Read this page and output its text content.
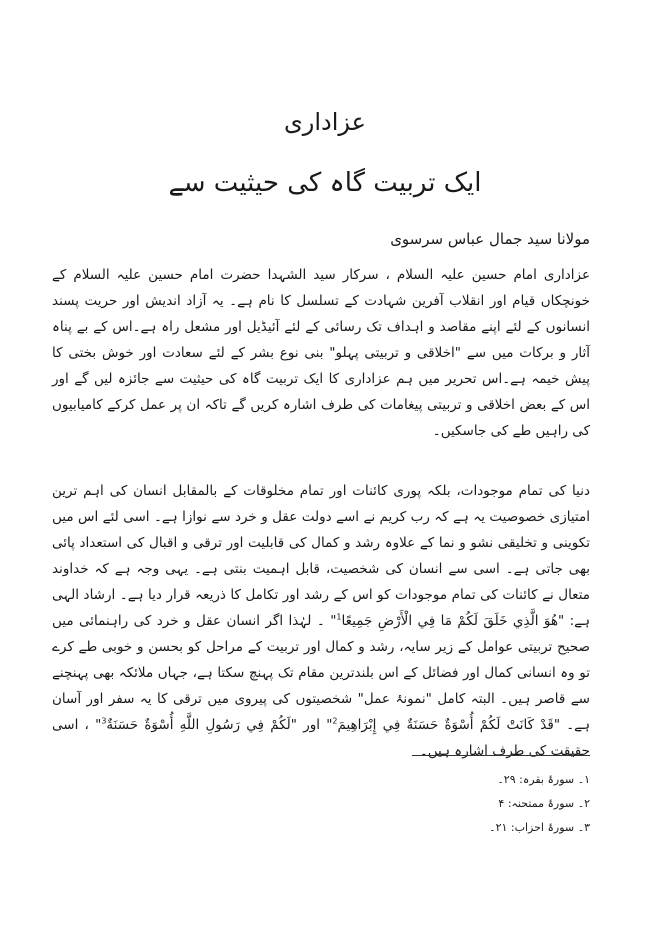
عزاداری
ایک تربیت گاہ کی حیثیت سے

مولانا سید جمال عباس سرسوی

عزاداری امام حسین علیہ السلام ، سرکار سید الشہدا حضرت امام حسین علیہ السلام کے خونچکاں قیام اور انقلاب آفرین شہادت کے تسلسل کا نام ہے۔ یہ آزاد اندیش اور حریت پسند انسانوں کے لئے اپنے مقاصد و اہداف تک رسائی کے لئے آئیڈیل اور مشعل راہ ہے۔اس کے بے پناہ آثار و برکات میں سے "اخلاقی و تربیتی پہلو" بنی نوع بشر کے لئے سعادت اور خوش بختی کا پیش خیمہ ہے۔اس تحریر میں ہم عزاداری کا ایک تربیت گاہ کی حیثیت سے جائزہ لیں گے اور اس کے بعض اخلاقی و تربیتی پیغامات کی طرف اشارہ کریں گے تاکہ ان پر عمل کرکے کامیابیوں کی راہیں طے کی جاسکیں۔

دنیا کی تمام موجودات، بلکہ پوری کائنات اور تمام مخلوقات کے بالمقابل انسان کی اہم ترین امتیازی خصوصیت یہ ہے کہ رب کریم نے اسے دولت عقل و خرد سے نوازا ہے۔ اسی لئے اس میں تکوینی و تخلیقی نشو و نما کے علاوہ رشد و کمال کی قابلیت اور ترقی و اقبال کی استعداد پائی بھی جاتی ہے۔ اسی سے انسان کی شخصیت، قابل اہمیت بنتی ہے۔ یہی وجہ ہے کہ خداوند متعال نے کائنات کی تمام موجودات کو اس کے رشد اور تکامل کا ذریعہ قرار دیا ہے۔ ارشاد الہی ہے: "هُوَ الَّذِي خَلَقَ لَكُمْ مَا فِي الْأَرْضِ جَمِيعًا$^1$" ۔ لہٰذا اگر انسان عقل و خرد کی راہنمائی میں صحیح تربیتی عوامل کے زیر سایہ، رشد و کمال اور تربیت کے مراحل کو بحسن و خوبی طے کرے تو وہ انسانی کمال اور فضائل کے اس بلندترین مقام تک پہنچ سکتا ہے، جہاں ملائکہ بھی پہنچنے سے قاصر ہیں۔ البتہ کامل "نمونۂ عمل" شخصیتوں کی پیروی میں ترقی کا یہ سفر اور آسان ہے۔ "قَدْ كَانَتْ لَكُمْ أُسْوَةٌ حَسَنَةٌ فِي إِبْرَاهِيمَ$^2$" اور "لَكُمْ فِي رَسُولِ اللَّهِ أُسْوَةٌ حَسَنَةٌ$^3$" ، اسی حقیقت کی طرف اشارہ ہیں۔

۱۔ سورۂ بقرہ: ۲۹۔
۲۔ سورۂ ممتحنہ: ۴
۳۔ سورۂ احزاب: ۲۱۔
